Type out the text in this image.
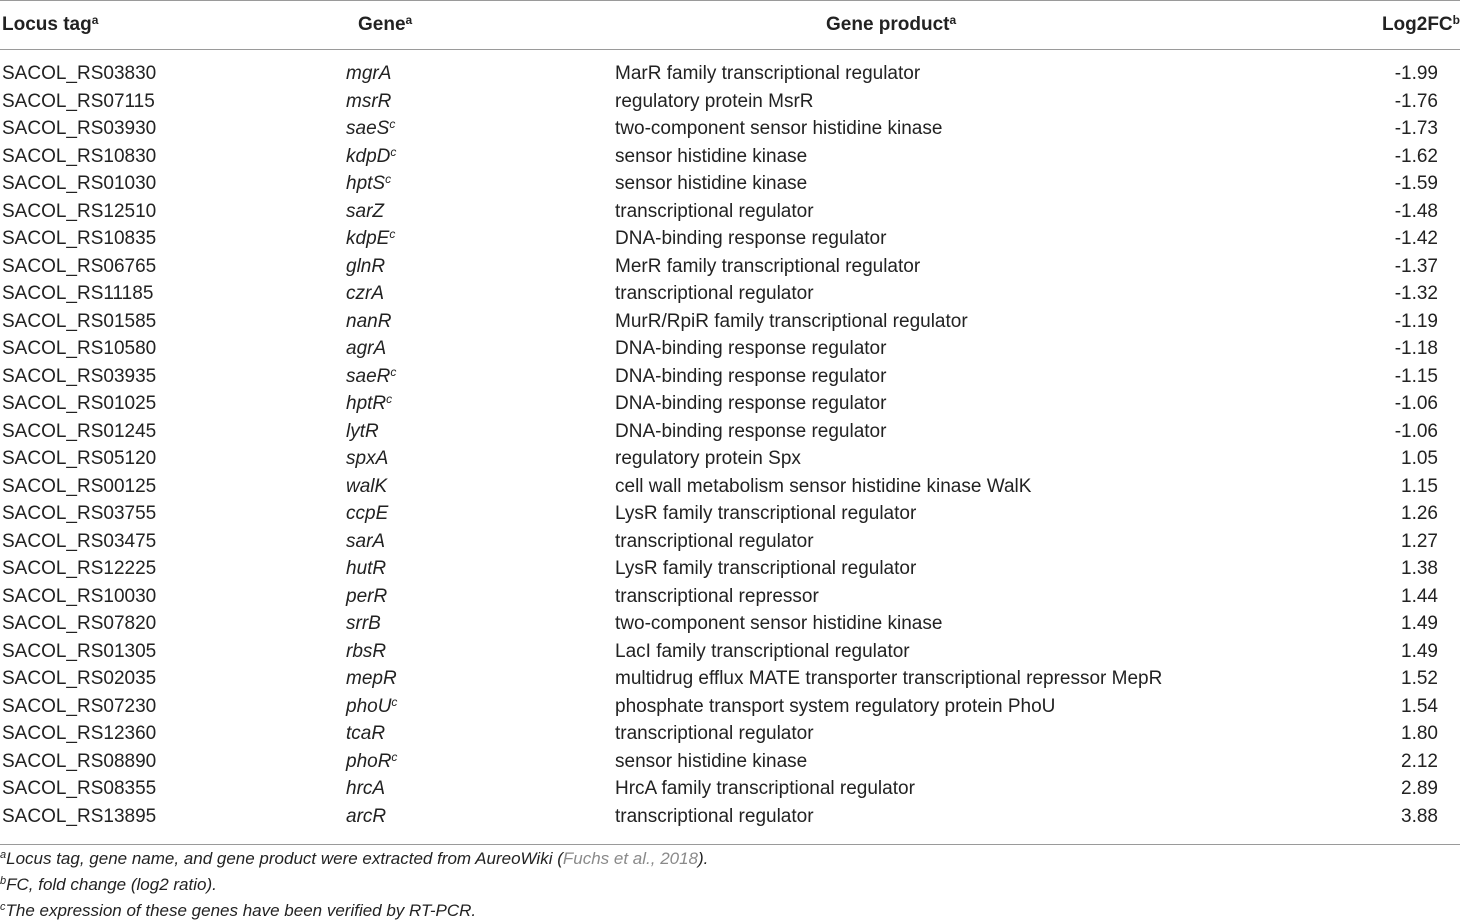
Locus tag$^a$	Gene$^a$	Gene product$^a$	$Log2FC^b$
SACOL_RS03830	mgrA	MarR family transcriptional regulator	-1.99
SACOL_RS07115	msrR	regulatory protein MsrR	-1.76
SACOL_RS03930	saeS$^c$	two-component sensor histidine kinase	-1.73
SACOL_RS10830	kdpD$^c$	sensor histidine kinase	-1.62
SACOL_RS01030	hptS$^c$	sensor histidine kinase	-1.59
SACOL_RS12510	sarZ	transcriptional regulator	-1.48
SACOL_RS10835	kdpE$^c$	DNA-binding response regulator	-1.42
SACOL_RS06765	glnR	MerR family transcriptional regulator	-1.37
SACOL_RS11185	czrA	transcriptional regulator	-1.32
SACOL_RS01585	nanR	MurR/RpiR family transcriptional regulator	-1.19
SACOL_RS10580	agrA	DNA-binding response regulator	-1.18
SACOL_RS03935	saeR$^c$	DNA-binding response regulator	-1.15
SACOL_RS01025	hptR$^c$	DNA-binding response regulator	-1.06
SACOL_RS01245	lytR	DNA-binding response regulator	-1.06
SACOL_RS05120	spxA	regulatory protein Spx	1.05
SACOL_RS00125	walK	cell wall metabolism sensor histidine kinase WalK	1.15
SACOL_RS03755	ccpE	LysR family transcriptional regulator	1.26
SACOL_RS03475	sarA	transcriptional regulator	1.27
SACOL_RS12225	hutR	LysR family transcriptional regulator	1.38
SACOL_RS10030	perR	transcriptional repressor	1.44
SACOL_RS07820	srrB	two-component sensor histidine kinase	1.49
SACOL_RS01305	rbsR	LacI family transcriptional regulator	1.49
SACOL_RS02035	mepR	multidrug efflux MATE transporter transcriptional repressor MepR	1.52
SACOL_RS07230	phoU$^c$	phosphate transport system regulatory protein PhoU	1.54
SACOL_RS12360	tcaR	transcriptional regulator	1.80
SACOL_RS08890	phoR$^c$	sensor histidine kinase	2.12
SACOL_RS08355	hrcA	HrcA family transcriptional regulator	2.89
SACOL_RS13895	arcR	transcriptional regulator	3.88
$^a$Locus tag, gene name, and gene product were extracted from AureoWiki (Fuchs et al., 2018).
$^b$FC, fold change (log2 ratio).
$^c$The expression of these genes have been verified by RT-PCR.
